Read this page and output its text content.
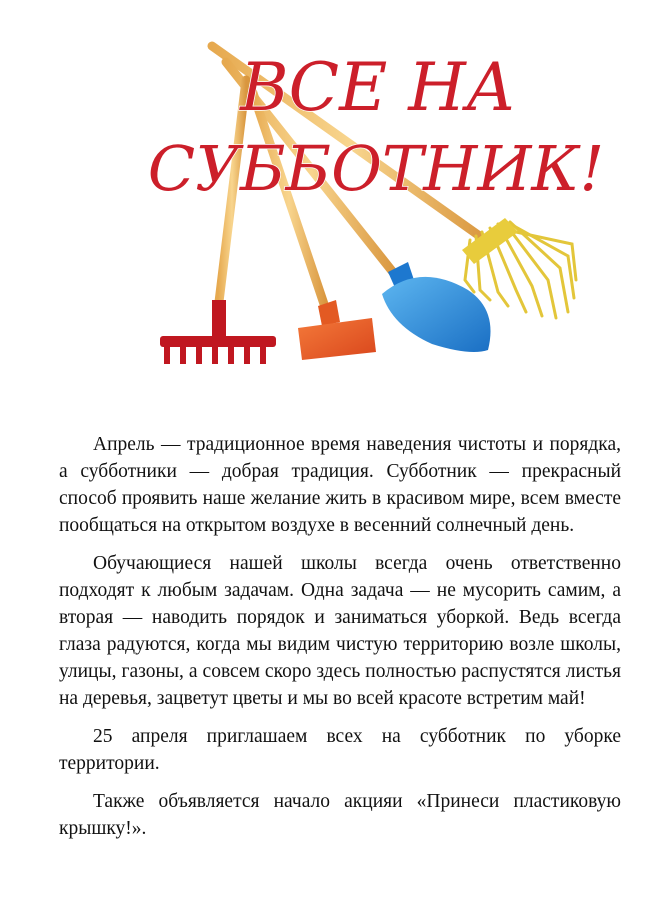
ВСЕ НА
СУББОТНИК!

Апрель — традиционное время наведения чистоты и порядка, а субботники — добрая традиция. Субботник — прекрасный способ проявить наше желание жить в красивом мире, всем вместе пообщаться на открытом воздухе в весенний солнечный день.

Обучающиеся нашей школы всегда очень ответственно подходят к любым задачам. Одна задача — не мусорить самим, а вторая — наводить порядок и заниматься уборкой. Ведь всегда глаза радуются, когда мы видим чистую территорию возле школы, улицы, газоны, а совсем скоро здесь полностью распустятся листья на деревья, зацветут цветы и мы во всей красоте встретим май!

25 апреля приглашаем всех на субботник по уборке территории.

Также объявляется начало акцияи «Принеси пластиковую крышку!».
